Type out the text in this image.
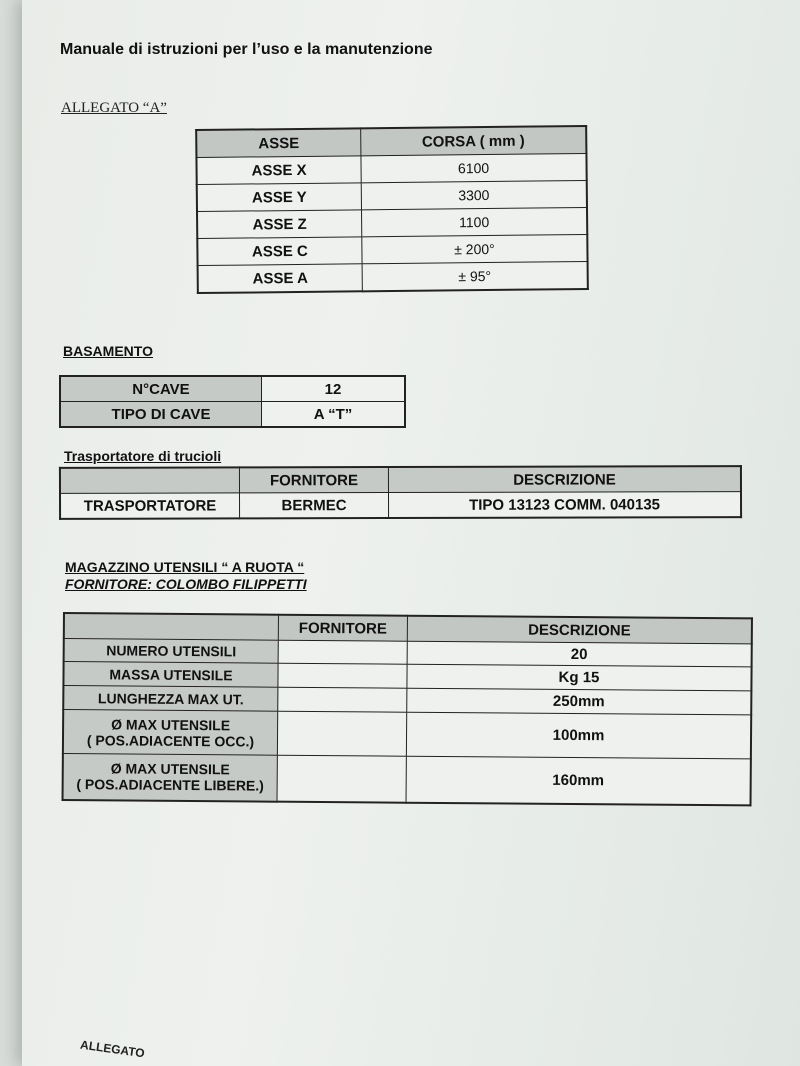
Manuale di istruzioni per l’uso e la manutenzione
ALLEGATO “A”
ASSE	CORSA ( mm )
ASSE X	6100
ASSE Y	3300
ASSE Z	1100
ASSE C	± 200°
ASSE A	± 95°
BASAMENTO
N°CAVE	12
TIPO DI CAVE	A “T”
Trasportatore di trucioli
	FORNITORE	DESCRIZIONE
TRASPORTATORE	BERMEC	TIPO 13123 COMM. 040135
MAGAZZINO UTENSILI “ A RUOTA “
FORNITORE: COLOMBO FILIPPETTI
	FORNITORE	DESCRIZIONE
NUMERO UTENSILI		20
MASSA UTENSILE		Kg 15
LUNGHEZZA MAX UT.		250mm

Ø MAX UTENSILE
( POS.ADIACENTE OCC.)		100mm

Ø MAX UTENSILE
( POS.ADIACENTE LIBERE.)		160mm
ALLEGATO
